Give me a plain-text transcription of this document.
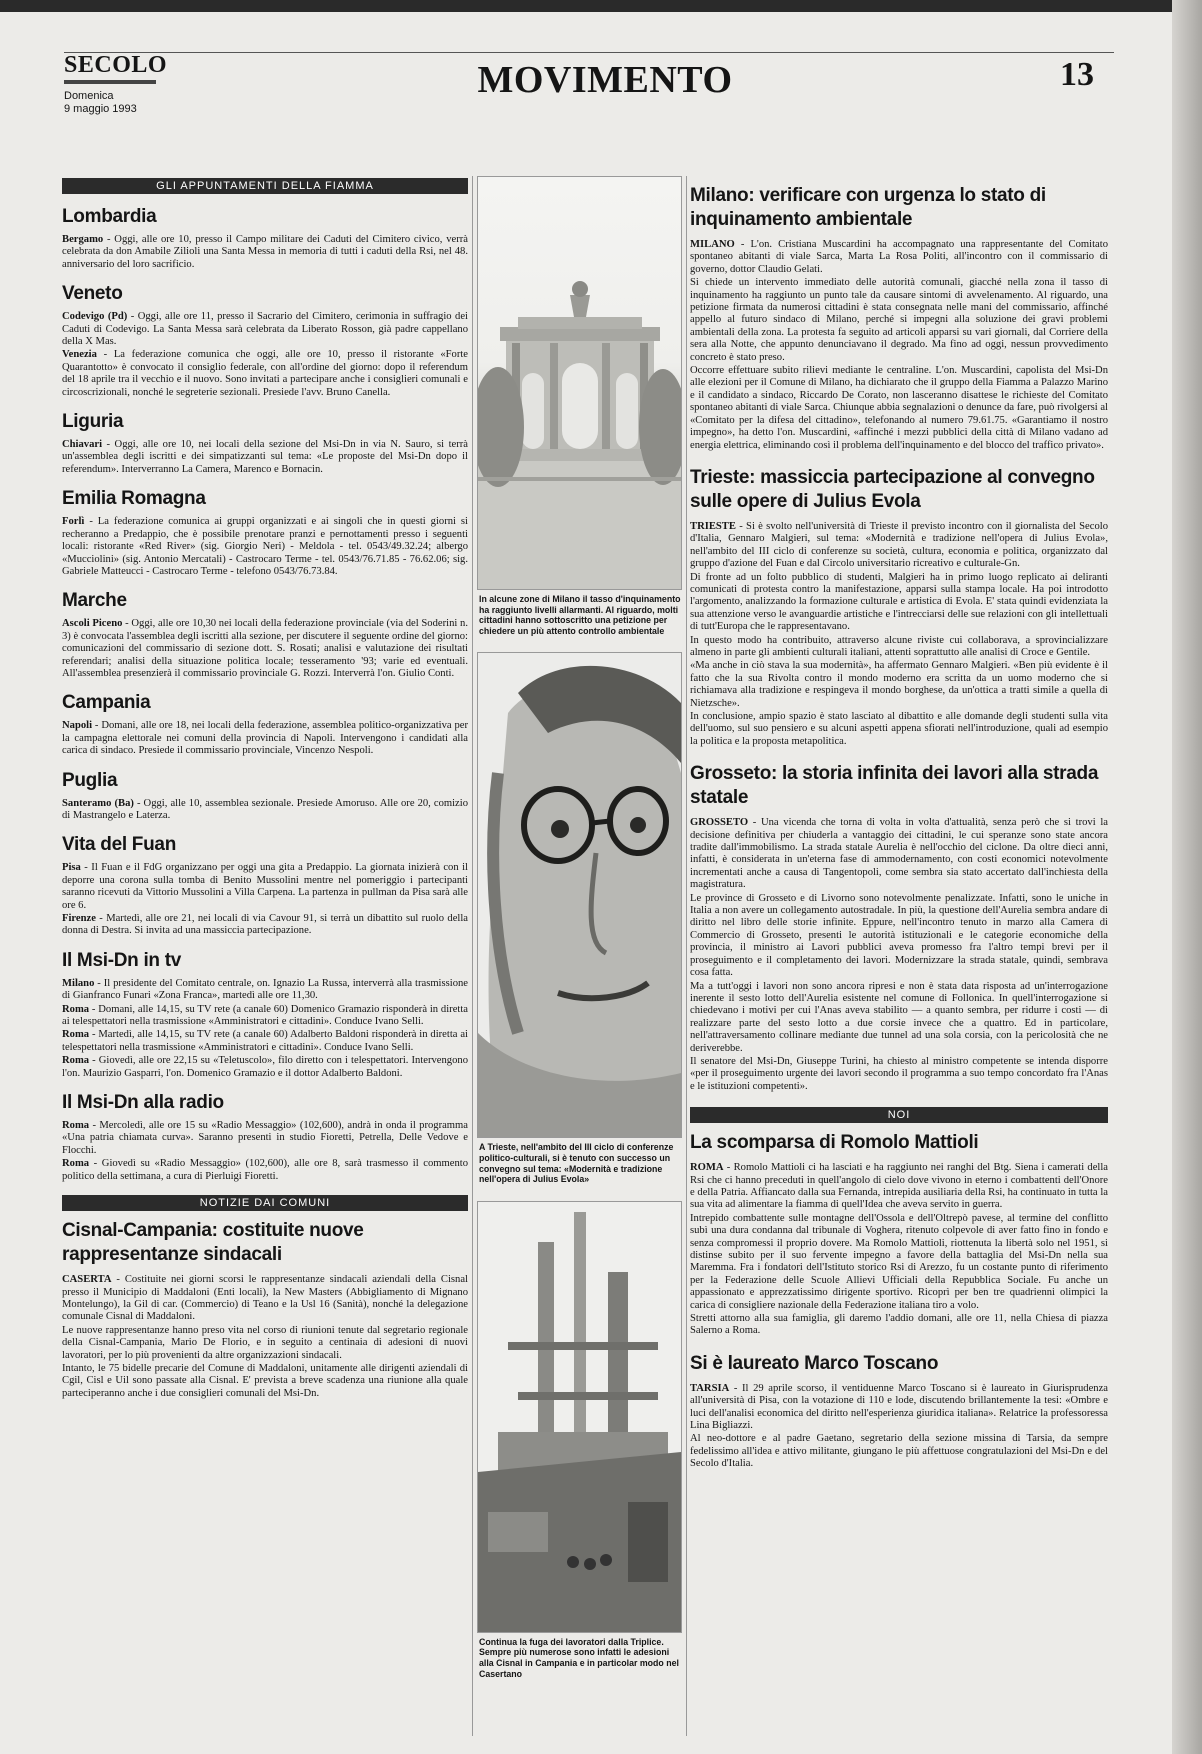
SECOLO
Domenica
9 maggio 1993
MOVIMENTO	13
GLI APPUNTAMENTI DELLA FIAMMA
Lombardia

Bergamo - Oggi, alle ore 10, presso il Campo militare dei Caduti del Cimitero civico, verrà celebrata da don Amabile Zilioli una Santa Messa in memoria di tutti i caduti della Rsi, nel 48. anniversario del loro sacrificio.

Veneto

Codevigo (Pd) - Oggi, alle ore 11, presso il Sacrario del Cimitero, cerimonia in suffragio dei Caduti di Codevigo. La Santa Messa sarà celebrata da Liberato Rosson, già padre cappellano della X Mas.

Venezia - La federazione comunica che oggi, alle ore 10, presso il ristorante «Forte Quarantotto» è convocato il consiglio federale, con all'ordine del giorno: dopo il referendum del 18 aprile tra il vecchio e il nuovo. Sono invitati a partecipare anche i consiglieri comunali e circoscrizionali, nonché le segreterie sezionali. Presiede l'avv. Bruno Canella.

Liguria

Chiavari - Oggi, alle ore 10, nei locali della sezione del Msi-Dn in via N. Sauro, si terrà un'assemblea degli iscritti e dei simpatizzanti sul tema: «Le proposte del Msi-Dn dopo il referendum». Interverranno La Camera, Marenco e Bornacin.

Emilia Romagna

Forlì - La federazione comunica ai gruppi organizzati e ai singoli che in questi giorni si recheranno a Predappio, che è possibile prenotare pranzi e pernottamenti presso i seguenti locali: ristorante «Red River» (sig. Giorgio Neri) - Meldola - tel. 0543/49.32.24; albergo «Mucciolini» (sig. Antonio Mercatali) - Castrocaro Terme - tel. 0543/76.71.85 - 76.62.06; sig. Gabriele Matteucci - Castrocaro Terme - telefono 0543/76.73.84.

Marche

Ascoli Piceno - Oggi, alle ore 10,30 nei locali della federazione provinciale (via del Soderini n. 3) è convocata l'assemblea degli iscritti alla sezione, per discutere il seguente ordine del giorno: comunicazioni del commissario di sezione dott. S. Rosati; analisi e valutazione dei risultati referendari; analisi della situazione politica locale; tesseramento '93; varie ed eventuali. All'assemblea presenzierà il commissario provinciale G. Rozzi. Interverrà l'on. Giulio Conti.

Campania

Napoli - Domani, alle ore 18, nei locali della federazione, assemblea politico-organizzativa per la campagna elettorale nei comuni della provincia di Napoli. Intervengono i candidati alla carica di sindaco. Presiede il commissario provinciale, Vincenzo Nespoli.

Puglia

Santeramo (Ba) - Oggi, alle 10, assemblea sezionale. Presiede Amoruso. Alle ore 20, comizio di Mastrangelo e Laterza.

Vita del Fuan

Pisa - Il Fuan e il FdG organizzano per oggi una gita a Predappio. La giornata inizierà con il deporre una corona sulla tomba di Benito Mussolini mentre nel pomeriggio i partecipanti saranno ricevuti da Vittorio Mussolini a Villa Carpena. La partenza in pullman da Pisa sarà alle ore 6.

Firenze - Martedì, alle ore 21, nei locali di via Cavour 91, si terrà un dibattito sul ruolo della donna di Destra. Si invita ad una massiccia partecipazione.

Il Msi-Dn in tv

Milano - Il presidente del Comitato centrale, on. Ignazio La Russa, interverrà alla trasmissione di Gianfranco Funari «Zona Franca», martedì alle ore 11,30.

Roma - Domani, alle 14,15, su TV rete (a canale 60) Domenico Gramazio risponderà in diretta ai telespettatori nella trasmissione «Amministratori e cittadini». Conduce Ivano Selli.

Roma - Martedì, alle 14,15, su TV rete (a canale 60) Adalberto Baldoni risponderà in diretta ai telespettatori nella trasmissione «Amministratori e cittadini». Conduce Ivano Selli.

Roma - Giovedì, alle ore 22,15 su «Teletuscolo», filo diretto con i telespettatori. Intervengono l'on. Maurizio Gasparri, l'on. Domenico Gramazio e il dottor Adalberto Baldoni.

Il Msi-Dn alla radio

Roma - Mercoledì, alle ore 15 su «Radio Messaggio» (102,600), andrà in onda il programma «Una patria chiamata curva». Saranno presenti in studio Fioretti, Petrella, Delle Vedove e Flocchi.

Roma - Giovedì su «Radio Messaggio» (102,600), alle ore 8, sarà trasmesso il commento politico della settimana, a cura di Pierluigi Fioretti.

NOTIZIE DAI COMUNI
Cisnal-Campania: costituite nuove rappresentanze sindacali

CASERTA - Costituite nei giorni scorsi le rappresentanze sindacali aziendali della Cisnal presso il Municipio di Maddaloni (Enti locali), la New Masters (Abbigliamento di Mignano Montelungo), la Gil di car. (Commercio) di Teano e la Usl 16 (Sanità), nonché la delegazione comunale Cisnal di Maddaloni.

Le nuove rappresentanze hanno preso vita nel corso di riunioni tenute dal segretario regionale della Cisnal-Campania, Mario De Florio, e in seguito a centinaia di adesioni di nuovi lavoratori, per lo più provenienti da altre organizzazioni sindacali.

Intanto, le 75 bidelle precarie del Comune di Maddaloni, unitamente alle dirigenti aziendali di Cgil, Cisl e Uil sono passate alla Cisnal. E' prevista a breve scadenza una riunione alla quale parteciperanno anche i due consiglieri comunali del Msi-Dn.

In alcune zone di Milano il tasso d'inquinamento ha raggiunto livelli allarmanti. Al riguardo, molti cittadini hanno sottoscritto una petizione per chiedere un più attento controllo ambientale
A Trieste, nell'ambito del III ciclo di conferenze politico-culturali, si è tenuto con successo un convegno sul tema: «Modernità e tradizione nell'opera di Julius Evola»
Continua la fuga dei lavoratori dalla Triplice. Sempre più numerose sono infatti le adesioni alla Cisnal in Campania e in particolar modo nel Casertano
Milano: verificare con urgenza lo stato di inquinamento ambientale

MILANO - L'on. Cristiana Muscardini ha accompagnato una rappresentante del Comitato spontaneo abitanti di viale Sarca, Marta La Rosa Politi, all'incontro con il commissario di governo, dottor Claudio Gelati.

Si chiede un intervento immediato delle autorità comunali, giacché nella zona il tasso di inquinamento ha raggiunto un punto tale da causare sintomi di avvelenamento. Al riguardo, una petizione firmata da numerosi cittadini è stata consegnata nelle mani del commissario, affinché appello al futuro sindaco di Milano, perché si impegni alla soluzione dei gravi problemi ambientali della zona. La protesta fa seguito ad articoli apparsi su vari giornali, dal Corriere della sera alla Notte, che appunto denunciavano il degrado. Ma fino ad oggi, nessun provvedimento concreto è stato preso.

Occorre effettuare subito rilievi mediante le centraline. L'on. Muscardini, capolista del Msi-Dn alle elezioni per il Comune di Milano, ha dichiarato che il gruppo della Fiamma a Palazzo Marino e il candidato a sindaco, Riccardo De Corato, non lasceranno disattese le richieste del Comitato spontaneo abitanti di viale Sarca. Chiunque abbia segnalazioni o denunce da fare, può rivolgersi al «Comitato per la difesa del cittadino», telefonando al numero 79.61.75. «Garantiamo il nostro impegno», ha detto l'on. Muscardini, «affinché i mezzi pubblici della città di Milano vadano ad energia elettrica, eliminando così il problema dell'inquinamento e del blocco del traffico privato».

Trieste: massiccia partecipazione al convegno sulle opere di Julius Evola

TRIESTE - Si è svolto nell'università di Trieste il previsto incontro con il giornalista del Secolo d'Italia, Gennaro Malgieri, sul tema: «Modernità e tradizione nell'opera di Julius Evola», nell'ambito del III ciclo di conferenze su società, cultura, economia e politica, organizzato dal gruppo d'azione del Fuan e dal Circolo universitario ricreativo e culturale-Gn.

Di fronte ad un folto pubblico di studenti, Malgieri ha in primo luogo replicato ai deliranti comunicati di protesta contro la manifestazione, apparsi sulla stampa locale. Ha poi introdotto l'argomento, analizzando la formazione culturale e artistica di Evola. E' stata quindi evidenziata la sua attenzione verso le avanguardie artistiche e l'intrecciarsi delle sue relazioni con gli intellettuali di tutt'Europa che le rappresentavano.

In questo modo ha contribuito, attraverso alcune riviste cui collaborava, a sprovincializzare almeno in parte gli ambienti culturali italiani, attenti soprattutto alle analisi di Croce e Gentile.

«Ma anche in ciò stava la sua modernità», ha affermato Gennaro Malgieri. «Ben più evidente è il fatto che la sua Rivolta contro il mondo moderno era scritta da un uomo moderno che si richiamava alla tradizione e respingeva il mondo borghese, da un'ottica a tratti simile a quella di Nietzsche».

In conclusione, ampio spazio è stato lasciato al dibattito e alle domande degli studenti sulla vita dell'uomo, sul suo pensiero e su alcuni aspetti appena sfiorati nell'introduzione, quali ad esempio la politica e la proposta metapolitica.

Grosseto: la storia infinita dei lavori alla strada statale

GROSSETO - Una vicenda che torna di volta in volta d'attualità, senza però che si trovi la decisione definitiva per chiuderla a vantaggio dei cittadini, le cui speranze sono state ancora tradite dall'immobilismo. La strada statale Aurelia è nell'occhio del ciclone. Da oltre dieci anni, infatti, è considerata in un'eterna fase di ammodernamento, con costi economici notevolmente incrementati anche a causa di Tangentopoli, come sembra sia stato accertato dall'inchiesta della magistratura.

Le province di Grosseto e di Livorno sono notevolmente penalizzate. Infatti, sono le uniche in Italia a non avere un collegamento autostradale. In più, la questione dell'Aurelia sembra andare di diritto nel libro delle storie infinite. Eppure, nell'incontro tenuto in marzo alla Camera di Commercio di Grosseto, presenti le autorità istituzionali e le categorie economiche della provincia, il ministro ai Lavori pubblici aveva promesso fra l'altro tempi brevi per il proseguimento e il completamento dei lavori. Modernizzare la strada statale, quindi, sembrava cosa fatta.

Ma a tutt'oggi i lavori non sono ancora ripresi e non è stata data risposta ad un'interrogazione inerente il sesto lotto dell'Aurelia esistente nel comune di Follonica. In quell'interrogazione si chiedevano i motivi per cui l'Anas aveva stabilito — a quanto sembra, per ridurre i costi — di realizzare parte del sesto lotto a due corsie invece che a quattro. Ed in particolare, nell'attraversamento collinare mediante due tunnel ad una sola corsia, con la pericolosità che ne deriverebbe.

Il senatore del Msi-Dn, Giuseppe Turini, ha chiesto al ministro competente se intenda disporre «per il proseguimento urgente dei lavori secondo il programma a suo tempo concordato fra l'Anas e le istituzioni competenti».

NOI
La scomparsa di Romolo Mattioli

ROMA - Romolo Mattioli ci ha lasciati e ha raggiunto nei ranghi del Btg. Siena i camerati della Rsi che ci hanno preceduti in quell'angolo di cielo dove vivono in eterno i combattenti dell'Onore e della Patria. Affiancato dalla sua Fernanda, intrepida ausiliaria della Rsi, ha continuato in tutta la sua vita ad alimentare la fiamma di quell'Idea che aveva servito in guerra.

Intrepido combattente sulle montagne dell'Ossola e dell'Oltrepò pavese, al termine del conflitto subì una dura condanna dal tribunale di Voghera, ritenuto colpevole di aver fatto fino in fondo e senza compromessi il proprio dovere. Ma Romolo Mattioli, riottenuta la libertà solo nel 1951, si distinse subito per il suo fervente impegno a favore della battaglia del Msi-Dn nella sua Maremma. Fra i fondatori dell'Istituto storico Rsi di Arezzo, fu un costante punto di riferimento per la Federazione delle Scuole Allievi Ufficiali della Repubblica Sociale. Fu anche un appassionato e apprezzatissimo dirigente sportivo. Ricoprì per ben tre quadrienni olimpici la carica di consigliere nazionale della Federazione italiana tiro a volo.

Stretti attorno alla sua famiglia, gli daremo l'addio domani, alle ore 11, nella Chiesa di piazza Salerno a Roma.

Si è laureato Marco Toscano

TARSIA - Il 29 aprile scorso, il ventiduenne Marco Toscano si è laureato in Giurisprudenza all'università di Pisa, con la votazione di 110 e lode, discutendo brillantemente la tesi: «Ombre e luci dell'analisi economica del diritto nell'esperienza giuridica italiana». Relatrice la professoressa Lina Bigliazzi.

Al neo-dottore e al padre Gaetano, segretario della sezione missina di Tarsia, da sempre fedelissimo all'idea e attivo militante, giungano le più affettuose congratulazioni del Msi-Dn e del Secolo d'Italia.
